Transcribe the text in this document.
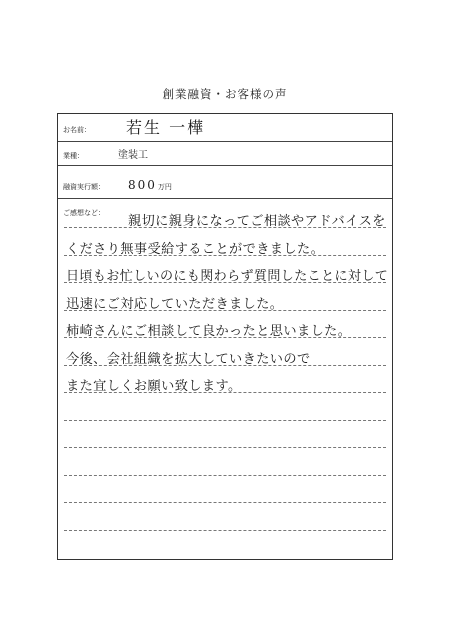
創業融資・お客様の声
お名前： 若生 一樺
業種：	塗装工
融資実行額： 800万円
ご感想など：
親切に親身になってご相談やアドバイスを
くださり無事受給することができました。
日頃もお忙しいのにも関わらず質問したことに対して
迅速にご対応していただきました。
柿崎さんにご相談して良かったと思いました。
今後、会社組織を拡大していきたいので
また宜しくお願い致します。
